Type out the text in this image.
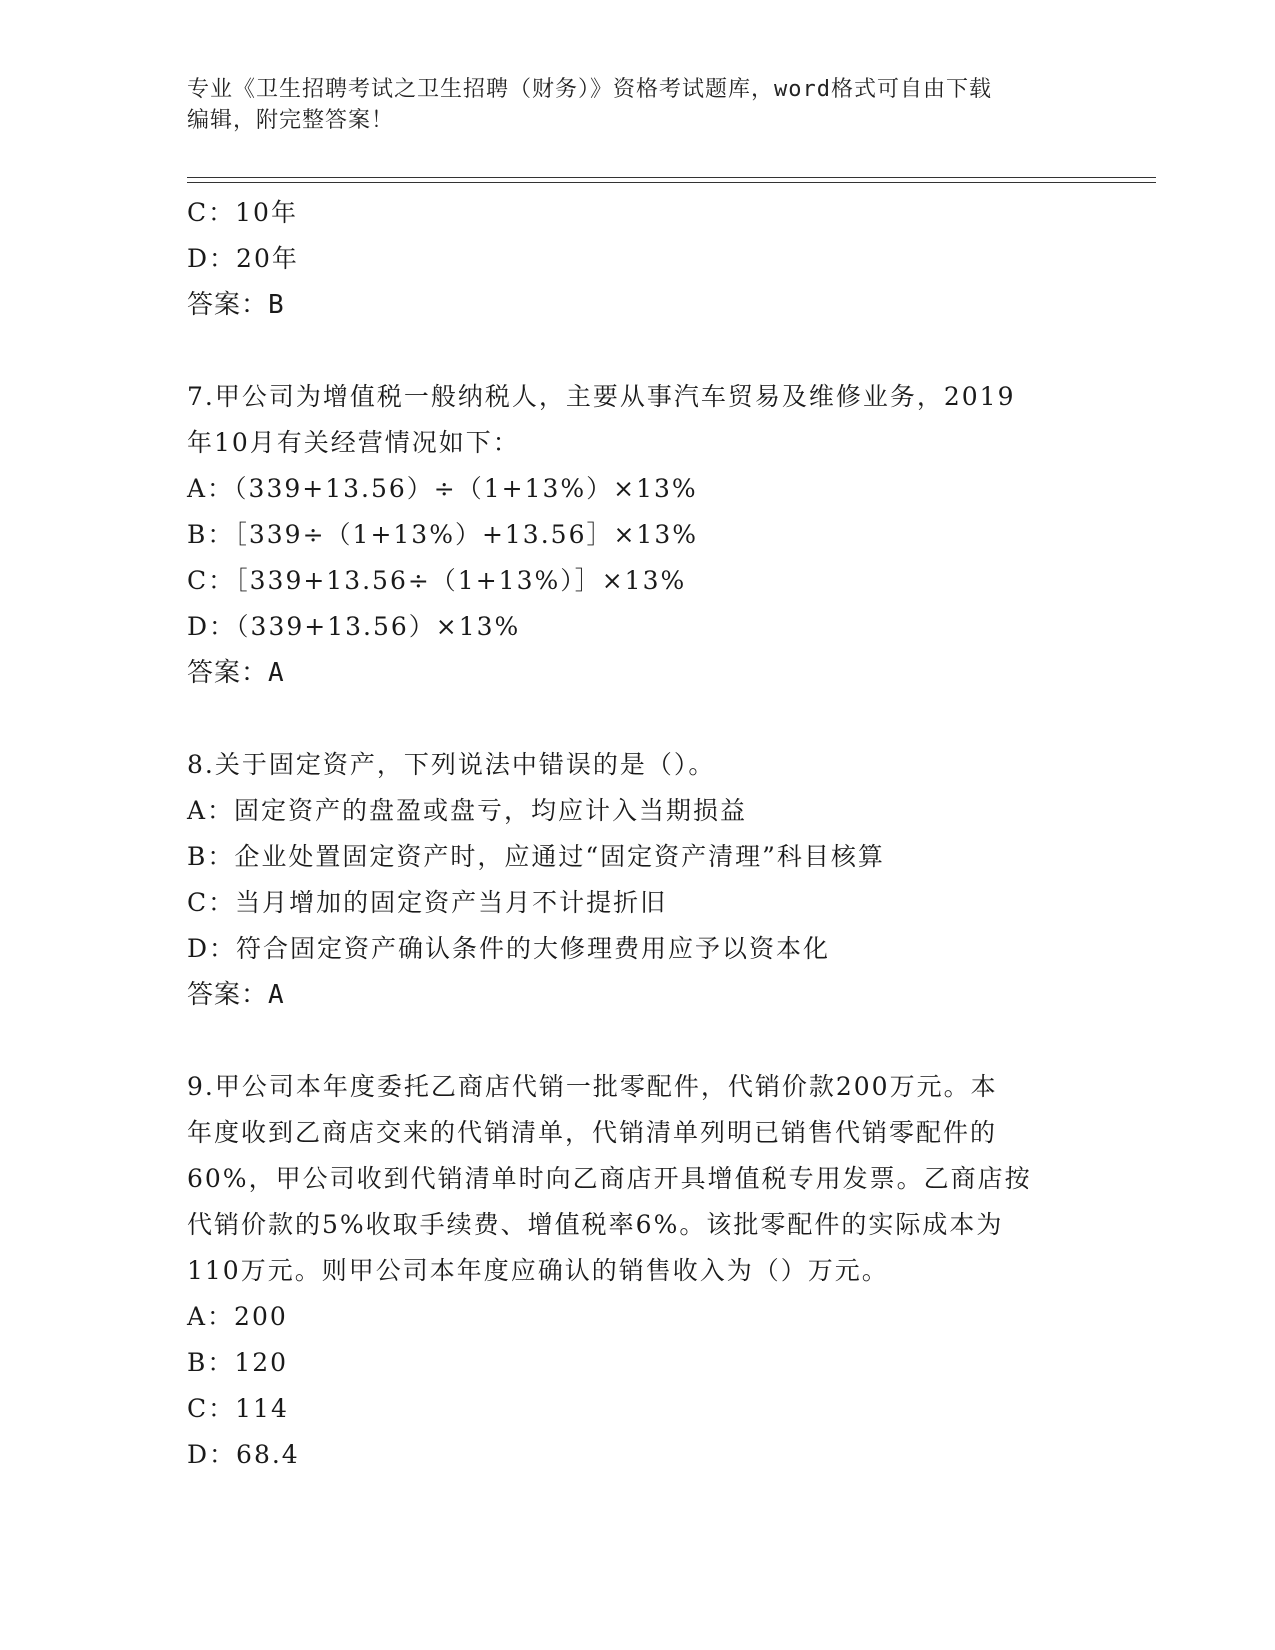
专业《卫生招聘考试之卫生招聘（财务）》资格考试题库，word格式可自由下载
编辑，附完整答案！
C：10年
D：20年
答案：B
7.甲公司为增值税一般纳税人，主要从事汽车贸易及维修业务，2019
年10月有关经营情况如下：
A：（339+13.56）÷（1+13%）×13%
B：［339÷（1+13%）+13.56］×13%
C：［339+13.56÷（1+13%）］×13%
D：（339+13.56）×13%
答案：A
8.关于固定资产，下列说法中错误的是（）。
A：固定资产的盘盈或盘亏，均应计入当期损益
B：企业处置固定资产时，应通过“固定资产清理”科目核算
C：当月增加的固定资产当月不计提折旧
D：符合固定资产确认条件的大修理费用应予以资本化
答案：A
9.甲公司本年度委托乙商店代销一批零配件，代销价款200万元。本
年度收到乙商店交来的代销清单，代销清单列明已销售代销零配件的
60%，甲公司收到代销清单时向乙商店开具增值税专用发票。乙商店按
代销价款的5%收取手续费、增值税率6%。该批零配件的实际成本为
110万元。则甲公司本年度应确认的销售收入为（）万元。
A：200
B：120
C：114
D：68.4
